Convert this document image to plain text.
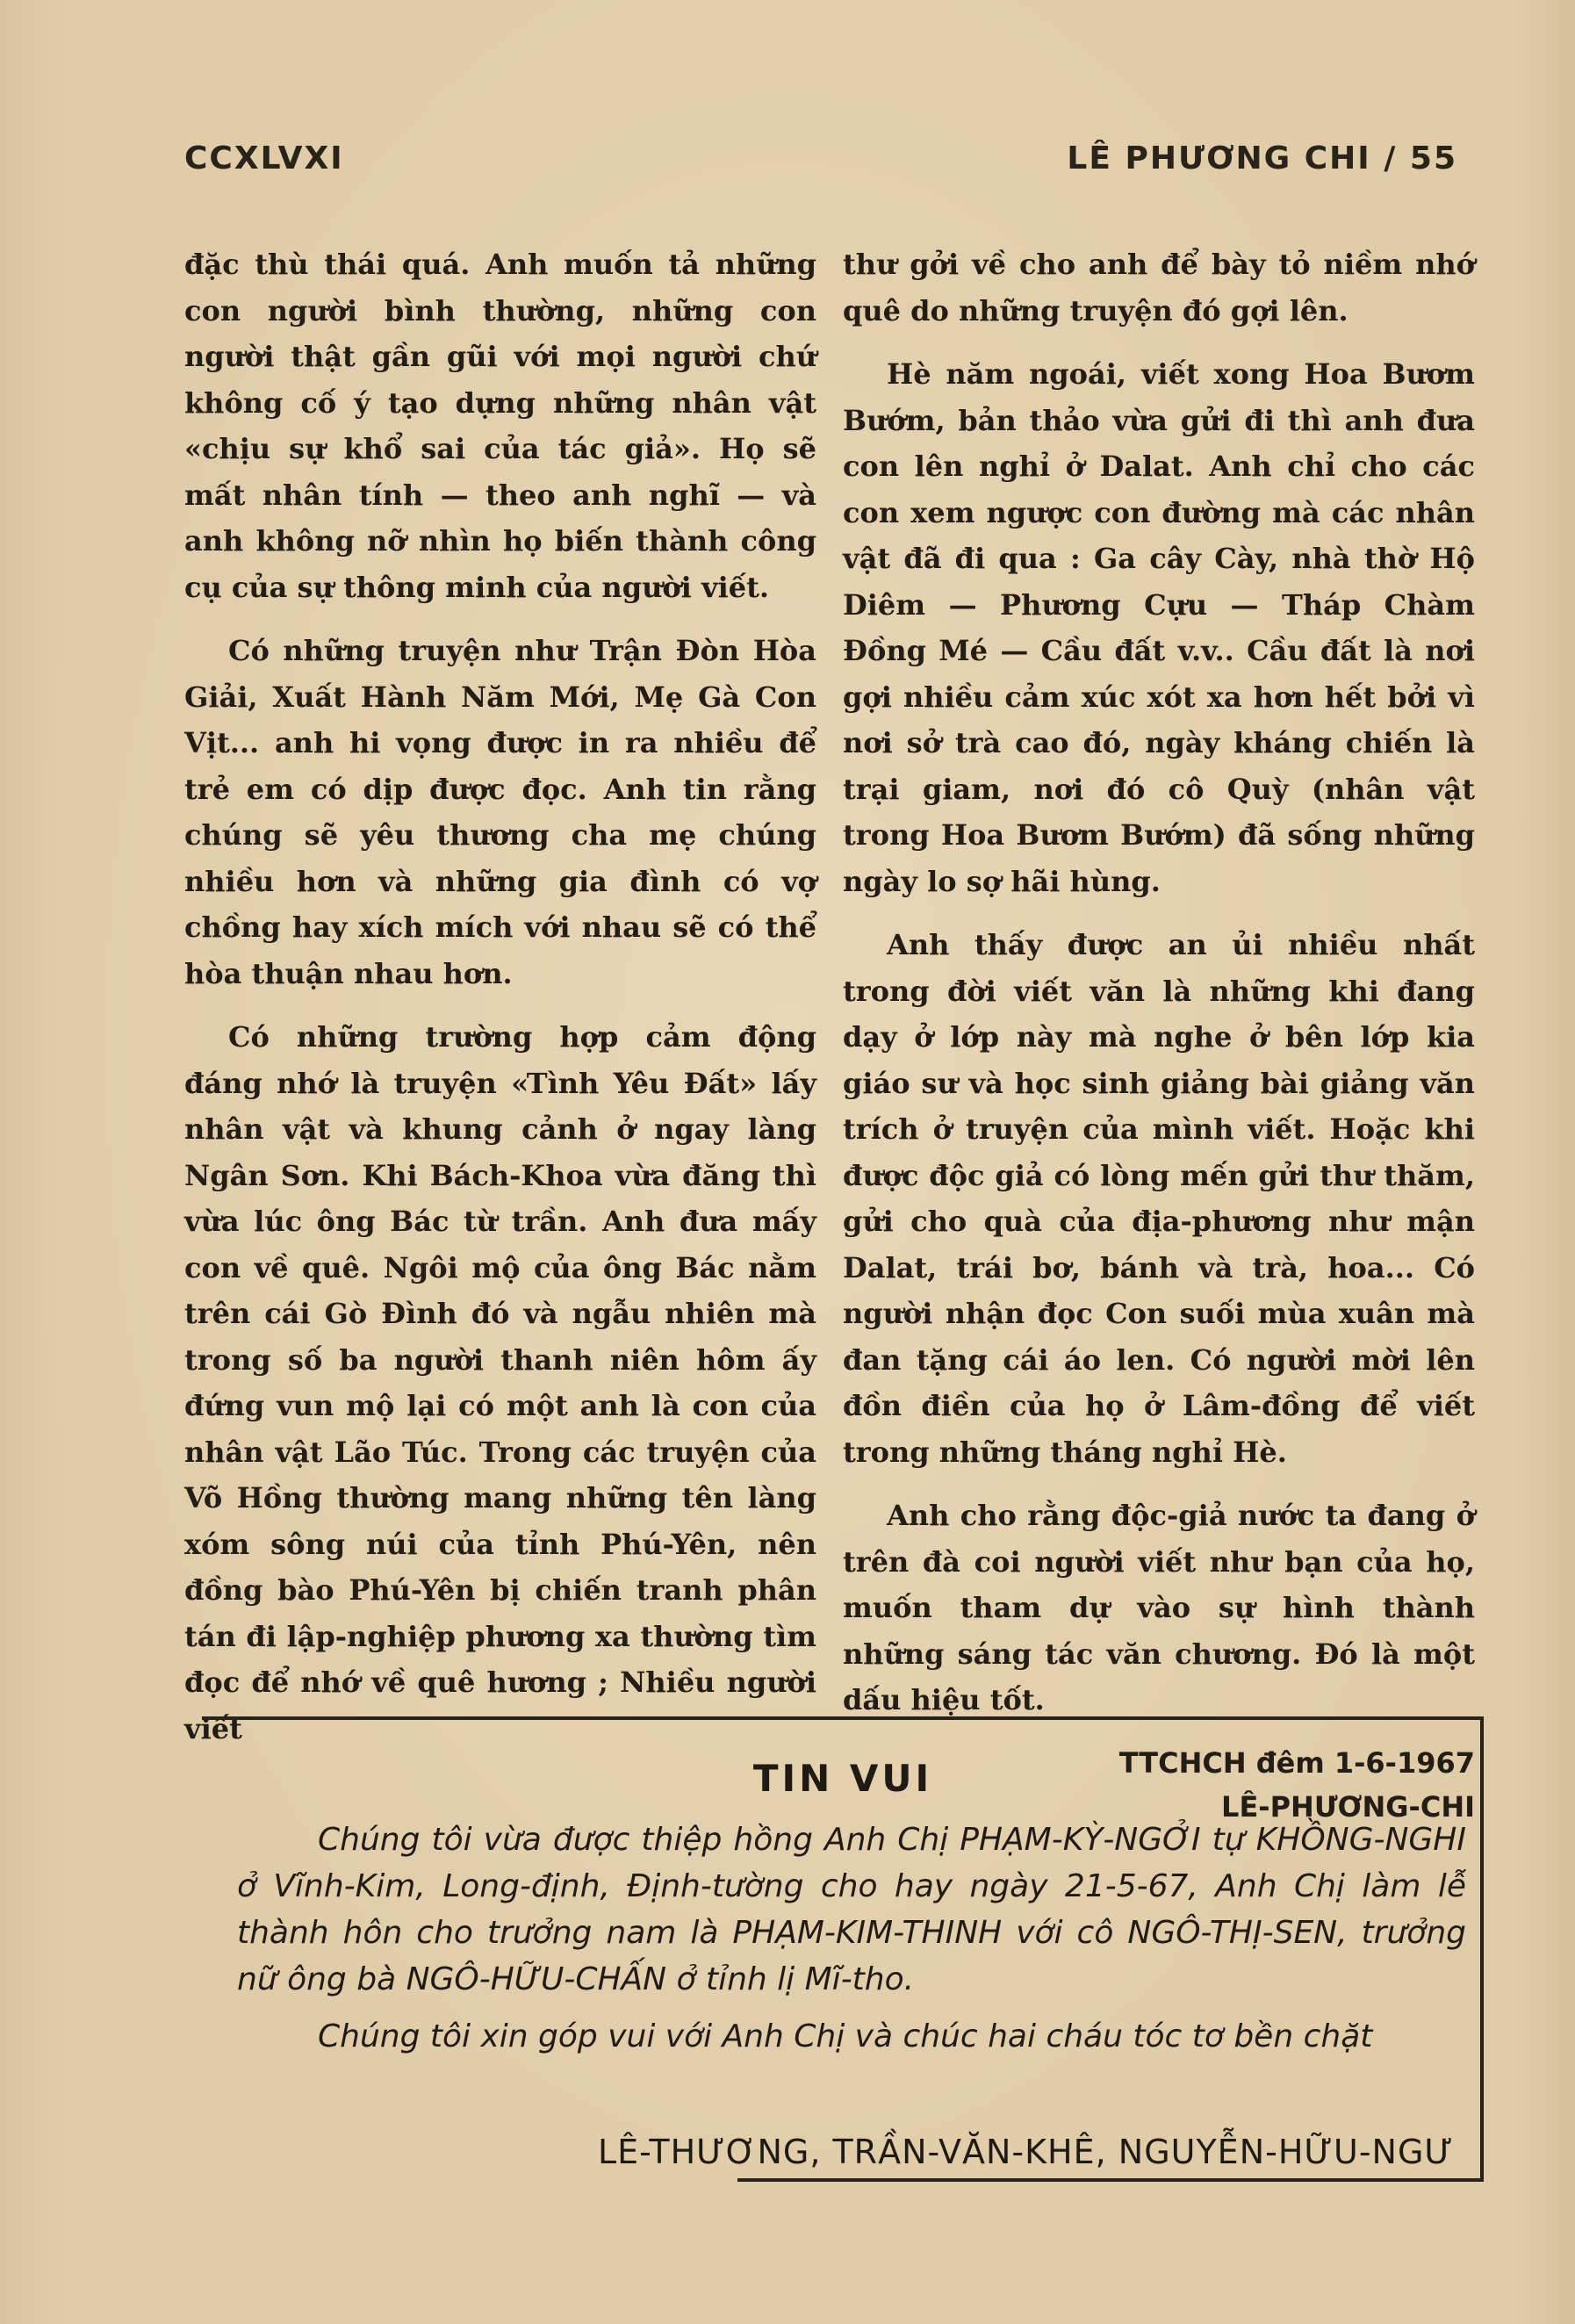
CCXLVXI	LÊ PHƯƠNG CHI / 55

đặc thù thái quá. Anh muốn tả những con người bình thường, những con người thật gần gũi với mọi người chứ không cố ý tạo dựng những nhân vật «chịu sự khổ sai của tác giả». Họ sẽ mất nhân tính — theo anh nghĩ — và anh không nỡ nhìn họ biến thành công cụ của sự thông minh của người viết.

Có những truyện như Trận Đòn Hòa Giải, Xuất Hành Năm Mới, Mẹ Gà Con Vịt... anh hi vọng được in ra nhiều để trẻ em có dịp được đọc. Anh tin rằng chúng sẽ yêu thương cha mẹ chúng nhiều hơn và những gia đình có vợ chồng hay xích mích với nhau sẽ có thể hòa thuận nhau hơn.

Có những trường hợp cảm động đáng nhớ là truyện «Tình Yêu Đất» lấy nhân vật và khung cảnh ở ngay làng Ngân Sơn. Khi Bách-Khoa vừa đăng thì vừa lúc ông Bác từ trần. Anh đưa mấy con về quê. Ngôi mộ của ông Bác nằm trên cái Gò Đình đó và ngẫu nhiên mà trong số ba người thanh niên hôm ấy đứng vun mộ lại có một anh là con của nhân vật Lão Túc. Trong các truyện của Võ Hồng thường mang những tên làng xóm sông núi của tỉnh Phú-Yên, nên đồng bào Phú-Yên bị chiến tranh phân tán đi lập-nghiệp phương xa thường tìm đọc để nhớ về quê hương ; Nhiều người viết

thư gởi về cho anh để bày tỏ niềm nhớ quê do những truyện đó gợi lên.

Hè năm ngoái, viết xong Hoa Bươm Bướm, bản thảo vừa gửi đi thì anh đưa con lên nghỉ ở Dalat. Anh chỉ cho các con xem ngược con đường mà các nhân vật đã đi qua : Ga cây Cày, nhà thờ Hộ Diêm — Phương Cựu — Tháp Chàm Đồng Mé — Cầu đất v.v.. Cầu đất là nơi gợi nhiều cảm xúc xót xa hơn hết bởi vì nơi sở trà cao đó, ngày kháng chiến là trại giam, nơi đó cô Quỳ (nhân vật trong Hoa Bươm Bướm) đã sống những ngày lo sợ hãi hùng.

Anh thấy được an ủi nhiều nhất trong đời viết văn là những khi đang dạy ở lớp này mà nghe ở bên lớp kia giáo sư và học sinh giảng bài giảng văn trích ở truyện của mình viết. Hoặc khi được độc giả có lòng mến gửi thư thăm, gửi cho quà của địa-phương như mận Dalat, trái bơ, bánh và trà, hoa... Có người nhận đọc Con suối mùa xuân mà đan tặng cái áo len. Có người mời lên đồn điền của họ ở Lâm-đồng để viết trong những tháng nghỉ Hè.

Anh cho rằng độc-giả nước ta đang ở trên đà coi người viết như bạn của họ, muốn tham dự vào sự hình thành những sáng tác văn chương. Đó là một dấu hiệu tốt.

TTCHCH đêm 1-6-1967
LÊ-PHƯƠNG-CHI
TIN VUI

Chúng tôi vừa được thiệp hồng Anh Chị PHẠM-KỲ-NGỞI tự KHỒNG-NGHI ở Vĩnh-Kim, Long-định, Định-tường cho hay ngày 21-5-67, Anh Chị làm lễ thành hôn cho trưởng nam là PHẠM-KIM-THINH với cô NGÔ-THỊ-SEN, trưởng nữ ông bà NGÔ-HỮU-CHẤN ở tỉnh lị Mĩ-tho.

Chúng tôi xin góp vui với Anh Chị và chúc hai cháu tóc tơ bền chặt

LÊ-THƯƠNG, TRẦN-VĂN-KHÊ, NGUYỄN-HỮU-NGƯ
